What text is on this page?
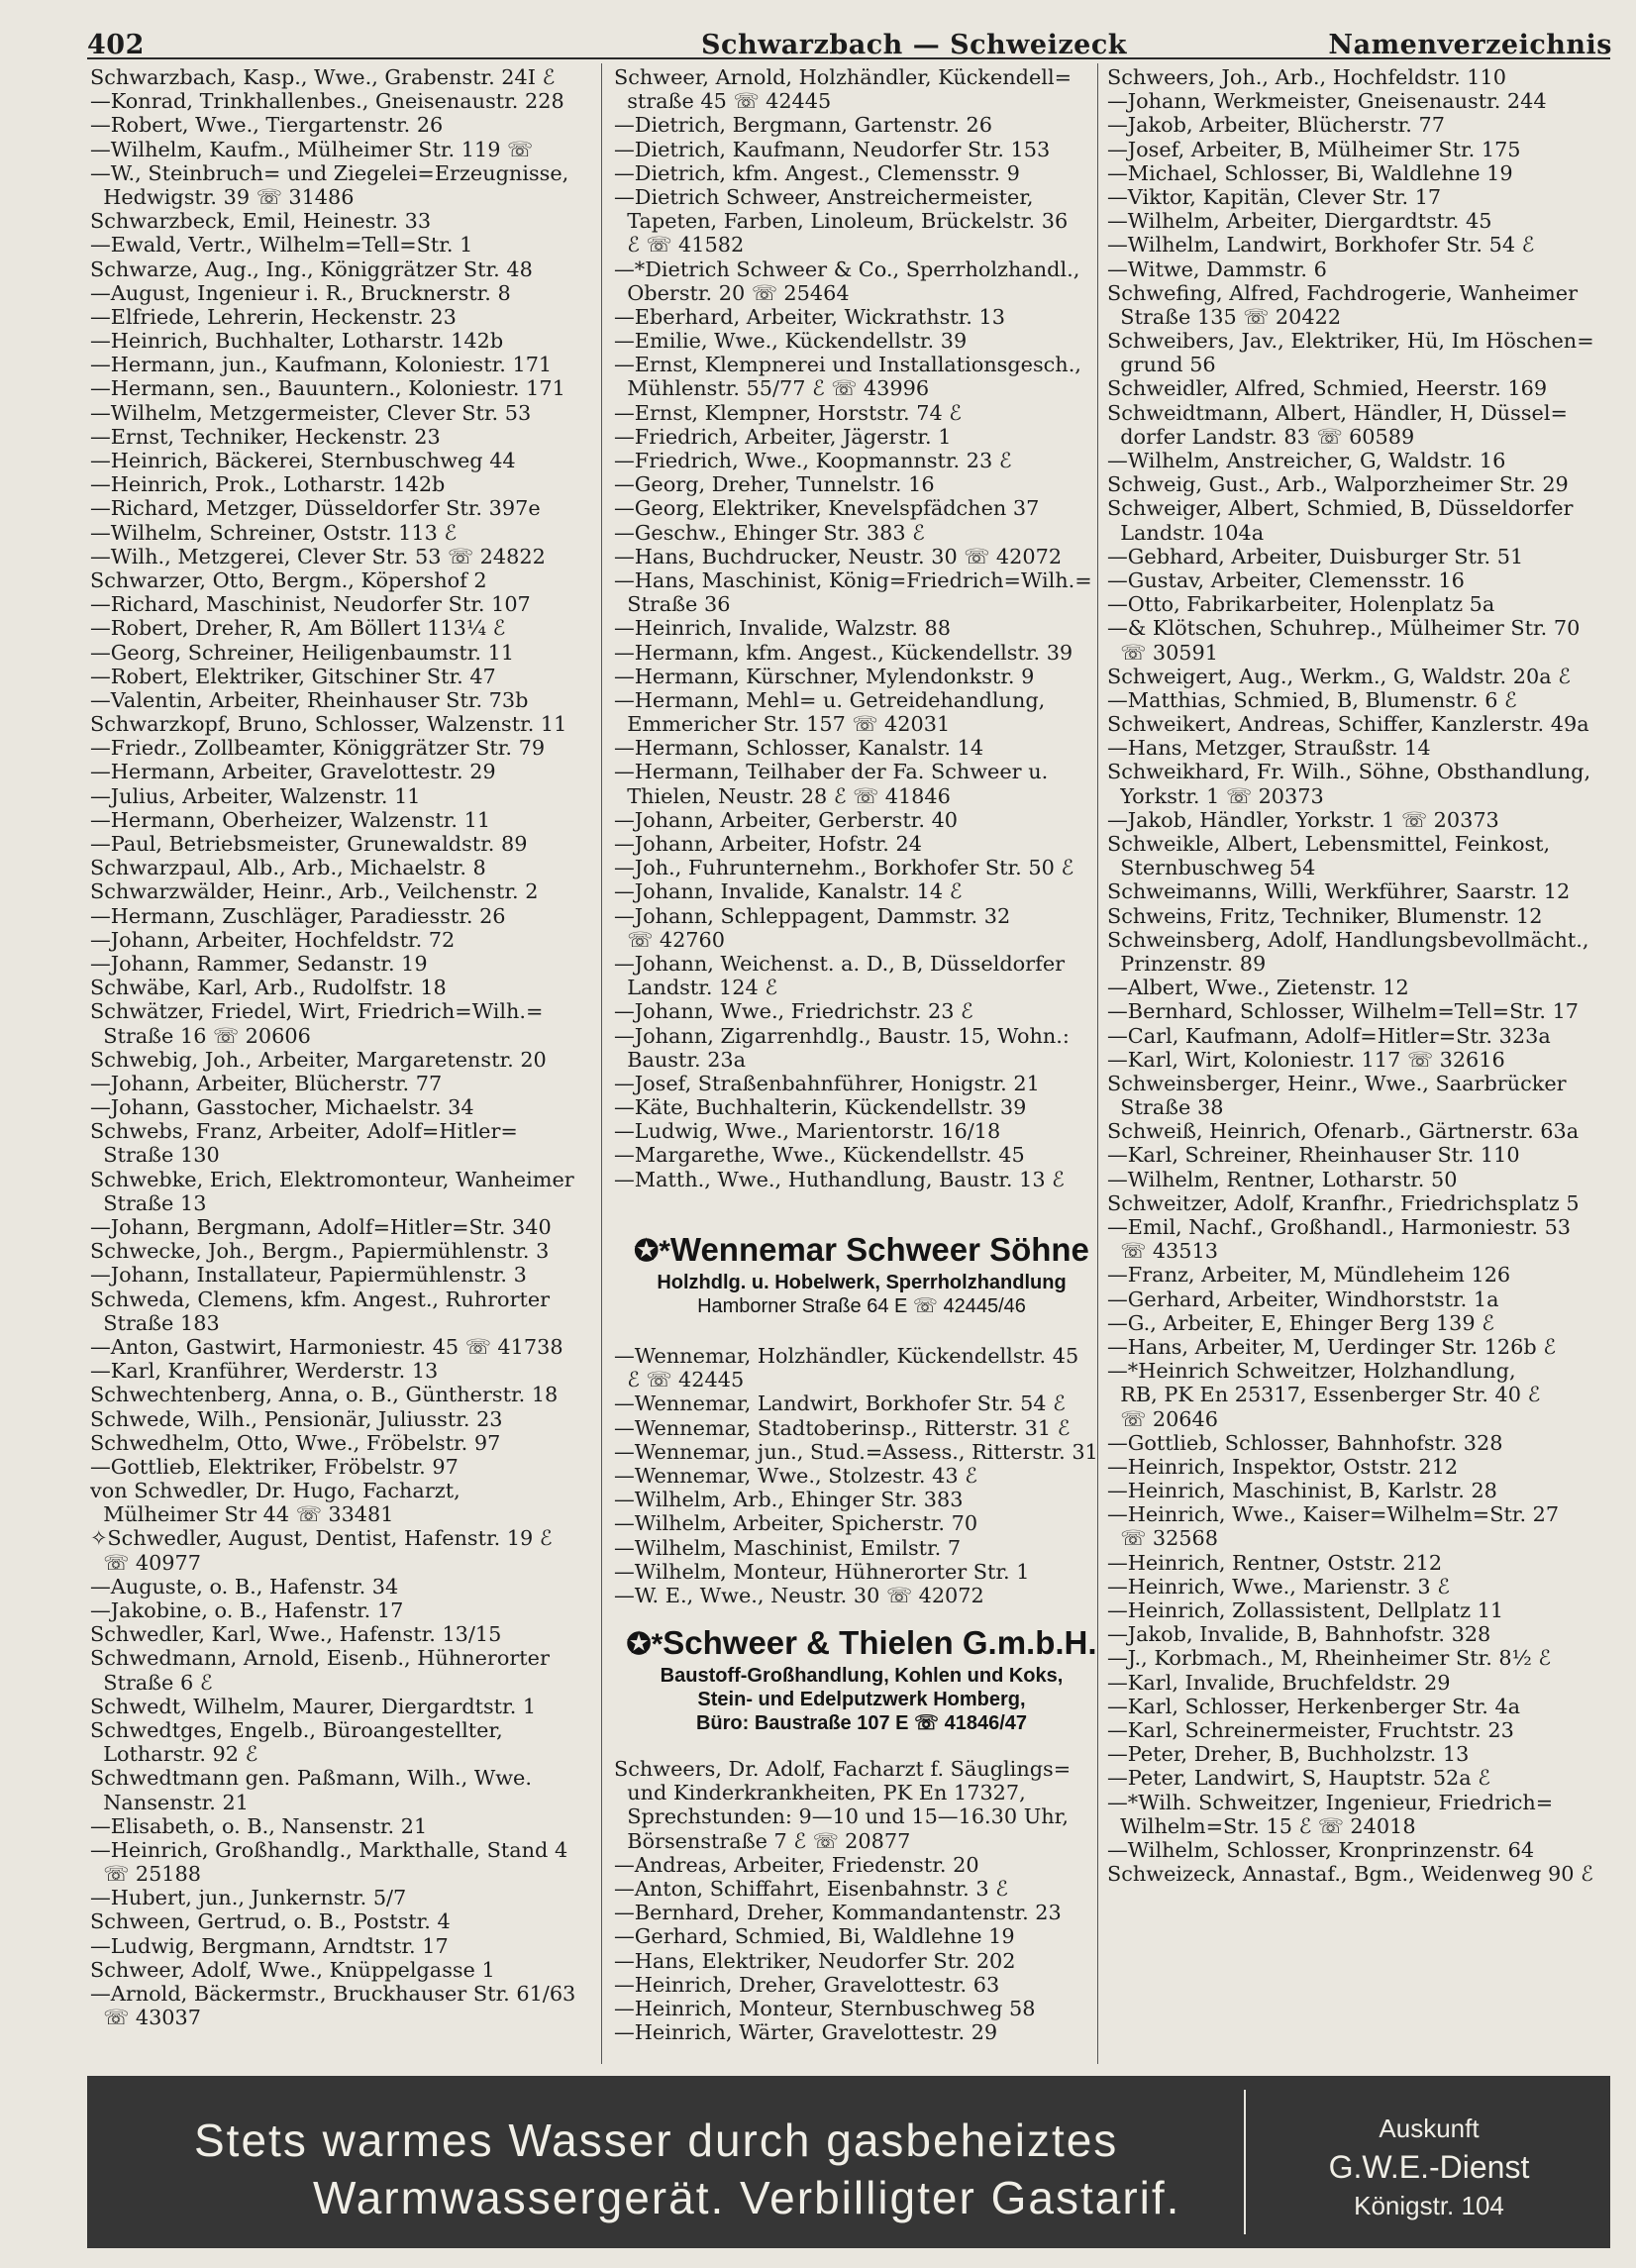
402	Schwarzbach — Schweizeck	Namenverzeichnis
Schwarzbach, Kasp., Wwe., Grabenstr. 24I ℰ
—Konrad, Trinkhallenbes., Gneisenaustr. 228
—Robert, Wwe., Tiergartenstr. 26
—Wilhelm, Kaufm., Mülheimer Str. 119 ☏
—W., Steinbruch= und Ziegelei=Erzeugnisse,
Hedwigstr. 39 ☏ 31486
Schwarzbeck, Emil, Heinestr. 33
—Ewald, Vertr., Wilhelm=Tell=Str. 1
Schwarze, Aug., Ing., Königgrätzer Str. 48
—August, Ingenieur i. R., Brucknerstr. 8
—Elfriede, Lehrerin, Heckenstr. 23
—Heinrich, Buchhalter, Lotharstr. 142b
—Hermann, jun., Kaufmann, Koloniestr. 171
—Hermann, sen., Bauuntern., Koloniestr. 171
—Wilhelm, Metzgermeister, Clever Str. 53
—Ernst, Techniker, Heckenstr. 23
—Heinrich, Bäckerei, Sternbuschweg 44
—Heinrich, Prok., Lotharstr. 142b
—Richard, Metzger, Düsseldorfer Str. 397e
—Wilhelm, Schreiner, Oststr. 113 ℰ
—Wilh., Metzgerei, Clever Str. 53 ☏ 24822
Schwarzer, Otto, Bergm., Köpershof 2
—Richard, Maschinist, Neudorfer Str. 107
—Robert, Dreher, R, Am Böllert 113¼ ℰ
—Georg, Schreiner, Heiligenbaumstr. 11
—Robert, Elektriker, Gitschiner Str. 47
—Valentin, Arbeiter, Rheinhauser Str. 73b
Schwarzkopf, Bruno, Schlosser, Walzenstr. 11
—Friedr., Zollbeamter, Königgrätzer Str. 79
—Hermann, Arbeiter, Gravelottestr. 29
—Julius, Arbeiter, Walzenstr. 11
—Hermann, Oberheizer, Walzenstr. 11
—Paul, Betriebsmeister, Grunewaldstr. 89
Schwarzpaul, Alb., Arb., Michaelstr. 8
Schwarzwälder, Heinr., Arb., Veilchenstr. 2
—Hermann, Zuschläger, Paradiesstr. 26
—Johann, Arbeiter, Hochfeldstr. 72
—Johann, Rammer, Sedanstr. 19
Schwäbe, Karl, Arb., Rudolfstr. 18
Schwätzer, Friedel, Wirt, Friedrich=Wilh.=
Straße 16 ☏ 20606
Schwebig, Joh., Arbeiter, Margaretenstr. 20
—Johann, Arbeiter, Blücherstr. 77
—Johann, Gasstocher, Michaelstr. 34
Schwebs, Franz, Arbeiter, Adolf=Hitler=
Straße 130
Schwebke, Erich, Elektromonteur, Wanheimer
Straße 13
—Johann, Bergmann, Adolf=Hitler=Str. 340
Schwecke, Joh., Bergm., Papiermühlenstr. 3
—Johann, Installateur, Papiermühlenstr. 3
Schweda, Clemens, kfm. Angest., Ruhrorter
Straße 183
—Anton, Gastwirt, Harmoniestr. 45 ☏ 41738
—Karl, Kranführer, Werderstr. 13
Schwechtenberg, Anna, o. B., Güntherstr. 18
Schwede, Wilh., Pensionär, Juliusstr. 23
Schwedhelm, Otto, Wwe., Fröbelstr. 97
—Gottlieb, Elektriker, Fröbelstr. 97
von Schwedler, Dr. Hugo, Facharzt,
Mülheimer Str 44 ☏ 33481
✧Schwedler, August, Dentist, Hafenstr. 19 ℰ
☏ 40977
—Auguste, o. B., Hafenstr. 34
—Jakobine, o. B., Hafenstr. 17
Schwedler, Karl, Wwe., Hafenstr. 13/15
Schwedmann, Arnold, Eisenb., Hühnerorter
Straße 6 ℰ
Schwedt, Wilhelm, Maurer, Diergardtstr. 1
Schwedtges, Engelb., Büroangestellter,
Lotharstr. 92 ℰ
Schwedtmann gen. Paßmann, Wilh., Wwe.
Nansenstr. 21
—Elisabeth, o. B., Nansenstr. 21
—Heinrich, Großhandlg., Markthalle, Stand 4
☏ 25188
—Hubert, jun., Junkernstr. 5/7
Schween, Gertrud, o. B., Poststr. 4
—Ludwig, Bergmann, Arndtstr. 17
Schweer, Adolf, Wwe., Knüppelgasse 1
—Arnold, Bäckermstr., Bruckhauser Str. 61/63
☏ 43037
Schweer, Arnold, Holzhändler, Kückendell=
straße 45 ☏ 42445
—Dietrich, Bergmann, Gartenstr. 26
—Dietrich, Kaufmann, Neudorfer Str. 153
—Dietrich, kfm. Angest., Clemensstr. 9
—Dietrich Schweer, Anstreichermeister,
Tapeten, Farben, Linoleum, Brückelstr. 36
ℰ ☏ 41582
—*Dietrich Schweer & Co., Sperrholzhandl.,
Oberstr. 20 ☏ 25464
—Eberhard, Arbeiter, Wickrathstr. 13
—Emilie, Wwe., Kückendellstr. 39
—Ernst, Klempnerei und Installationsgesch.,
Mühlenstr. 55/77 ℰ ☏ 43996
—Ernst, Klempner, Horststr. 74 ℰ
—Friedrich, Arbeiter, Jägerstr. 1
—Friedrich, Wwe., Koopmannstr. 23 ℰ
—Georg, Dreher, Tunnelstr. 16
—Georg, Elektriker, Knevelspfädchen 37
—Geschw., Ehinger Str. 383 ℰ
—Hans, Buchdrucker, Neustr. 30 ☏ 42072
—Hans, Maschinist, König=Friedrich=Wilh.=
Straße 36
—Heinrich, Invalide, Walzstr. 88
—Hermann, kfm. Angest., Kückendellstr. 39
—Hermann, Kürschner, Mylendonkstr. 9
—Hermann, Mehl= u. Getreidehandlung,
Emmericher Str. 157 ☏ 42031
—Hermann, Schlosser, Kanalstr. 14
—Hermann, Teilhaber der Fa. Schweer u.
Thielen, Neustr. 28 ℰ ☏ 41846
—Johann, Arbeiter, Gerberstr. 40
—Johann, Arbeiter, Hofstr. 24
—Joh., Fuhrunternehm., Borkhofer Str. 50 ℰ
—Johann, Invalide, Kanalstr. 14 ℰ
—Johann, Schleppagent, Dammstr. 32
☏ 42760
—Johann, Weichenst. a. D., B, Düsseldorfer
Landstr. 124 ℰ
—Johann, Wwe., Friedrichstr. 23 ℰ
—Johann, Zigarrenhdlg., Baustr. 15, Wohn.:
Baustr. 23a
—Josef, Straßenbahnführer, Honigstr. 21
—Käte, Buchhalterin, Kückendellstr. 39
—Ludwig, Wwe., Marientorstr. 16/18
—Margarethe, Wwe., Kückendellstr. 45
—Matth., Wwe., Huthandlung, Baustr. 13 ℰ
✪*Wennemar Schweer Söhne
Holzhdlg. u. Hobelwerk, Sperrholzhandlung
Hamborner Straße 64 E ☏ 42445/46
—Wennemar, Holzhändler, Kückendellstr. 45
ℰ ☏ 42445
—Wennemar, Landwirt, Borkhofer Str. 54 ℰ
—Wennemar, Stadtoberinsp., Ritterstr. 31 ℰ
—Wennemar, jun., Stud.=Assess., Ritterstr. 31
—Wennemar, Wwe., Stolzestr. 43 ℰ
—Wilhelm, Arb., Ehinger Str. 383
—Wilhelm, Arbeiter, Spicherstr. 70
—Wilhelm, Maschinist, Emilstr. 7
—Wilhelm, Monteur, Hühnerorter Str. 1
—W. E., Wwe., Neustr. 30 ☏ 42072
✪*Schweer & Thielen G.m.b.H.
Baustoff-Großhandlung, Kohlen und Koks,
Stein- und Edelputzwerk Homberg,
Büro: Baustraße 107 E ☏ 41846/47
Schweers, Dr. Adolf, Facharzt f. Säuglings=
und Kinderkrankheiten, PK En 17327,
Sprechstunden: 9—10 und 15—16.30 Uhr,
Börsenstraße 7 ℰ ☏ 20877
—Andreas, Arbeiter, Friedenstr. 20
—Anton, Schiffahrt, Eisenbahnstr. 3 ℰ
—Bernhard, Dreher, Kommandantenstr. 23
—Gerhard, Schmied, Bi, Waldlehne 19
—Hans, Elektriker, Neudorfer Str. 202
—Heinrich, Dreher, Gravelottestr. 63
—Heinrich, Monteur, Sternbuschweg 58
—Heinrich, Wärter, Gravelottestr. 29
Schweers, Joh., Arb., Hochfeldstr. 110
—Johann, Werkmeister, Gneisenaustr. 244
—Jakob, Arbeiter, Blücherstr. 77
—Josef, Arbeiter, B, Mülheimer Str. 175
—Michael, Schlosser, Bi, Waldlehne 19
—Viktor, Kapitän, Clever Str. 17
—Wilhelm, Arbeiter, Diergardtstr. 45
—Wilhelm, Landwirt, Borkhofer Str. 54 ℰ
—Witwe, Dammstr. 6
Schwefing, Alfred, Fachdrogerie, Wanheimer
Straße 135 ☏ 20422
Schweibers, Jav., Elektriker, Hü, Im Höschen=
grund 56
Schweidler, Alfred, Schmied, Heerstr. 169
Schweidtmann, Albert, Händler, H, Düssel=
dorfer Landstr. 83 ☏ 60589
—Wilhelm, Anstreicher, G, Waldstr. 16
Schweig, Gust., Arb., Walporzheimer Str. 29
Schweiger, Albert, Schmied, B, Düsseldorfer
Landstr. 104a
—Gebhard, Arbeiter, Duisburger Str. 51
—Gustav, Arbeiter, Clemensstr. 16
—Otto, Fabrikarbeiter, Holenplatz 5a
—& Klötschen, Schuhrep., Mülheimer Str. 70
☏ 30591
Schweigert, Aug., Werkm., G, Waldstr. 20a ℰ
—Matthias, Schmied, B, Blumenstr. 6 ℰ
Schweikert, Andreas, Schiffer, Kanzlerstr. 49a
—Hans, Metzger, Straußstr. 14
Schweikhard, Fr. Wilh., Söhne, Obsthandlung,
Yorkstr. 1 ☏ 20373
—Jakob, Händler, Yorkstr. 1 ☏ 20373
Schweikle, Albert, Lebensmittel, Feinkost,
Sternbuschweg 54
Schweimanns, Willi, Werkführer, Saarstr. 12
Schweins, Fritz, Techniker, Blumenstr. 12
Schweinsberg, Adolf, Handlungsbevollmächt.,
Prinzenstr. 89
—Albert, Wwe., Zietenstr. 12
—Bernhard, Schlosser, Wilhelm=Tell=Str. 17
—Carl, Kaufmann, Adolf=Hitler=Str. 323a
—Karl, Wirt, Koloniestr. 117 ☏ 32616
Schweinsberger, Heinr., Wwe., Saarbrücker
Straße 38
Schweiß, Heinrich, Ofenarb., Gärtnerstr. 63a
—Karl, Schreiner, Rheinhauser Str. 110
—Wilhelm, Rentner, Lotharstr. 50
Schweitzer, Adolf, Kranfhr., Friedrichsplatz 5
—Emil, Nachf., Großhandl., Harmoniestr. 53
☏ 43513
—Franz, Arbeiter, M, Mündleheim 126
—Gerhard, Arbeiter, Windhorststr. 1a
—G., Arbeiter, E, Ehinger Berg 139 ℰ
—Hans, Arbeiter, M, Uerdinger Str. 126b ℰ
—*Heinrich Schweitzer, Holzhandlung,
RB, PK En 25317, Essenberger Str. 40 ℰ
☏ 20646
—Gottlieb, Schlosser, Bahnhofstr. 328
—Heinrich, Inspektor, Oststr. 212
—Heinrich, Maschinist, B, Karlstr. 28
—Heinrich, Wwe., Kaiser=Wilhelm=Str. 27
☏ 32568
—Heinrich, Rentner, Oststr. 212
—Heinrich, Wwe., Marienstr. 3 ℰ
—Heinrich, Zollassistent, Dellplatz 11
—Jakob, Invalide, B, Bahnhofstr. 328
—J., Korbmach., M, Rheinheimer Str. 8½ ℰ
—Karl, Invalide, Bruchfeldstr. 29
—Karl, Schlosser, Herkenberger Str. 4a
—Karl, Schreinermeister, Fruchtstr. 23
—Peter, Dreher, B, Buchholzstr. 13
—Peter, Landwirt, S, Hauptstr. 52a ℰ
—*Wilh. Schweitzer, Ingenieur, Friedrich=
Wilhelm=Str. 15 ℰ ☏ 24018
—Wilhelm, Schlosser, Kronprinzenstr. 64
Schweizeck, Annastaf., Bgm., Weidenweg 90 ℰ
Stets warmes Wasser durch gasbeheiztes
Warmwassergerät. Verbilligter Gastarif.
Auskunft
G.W.E.-Dienst
Königstr. 104
